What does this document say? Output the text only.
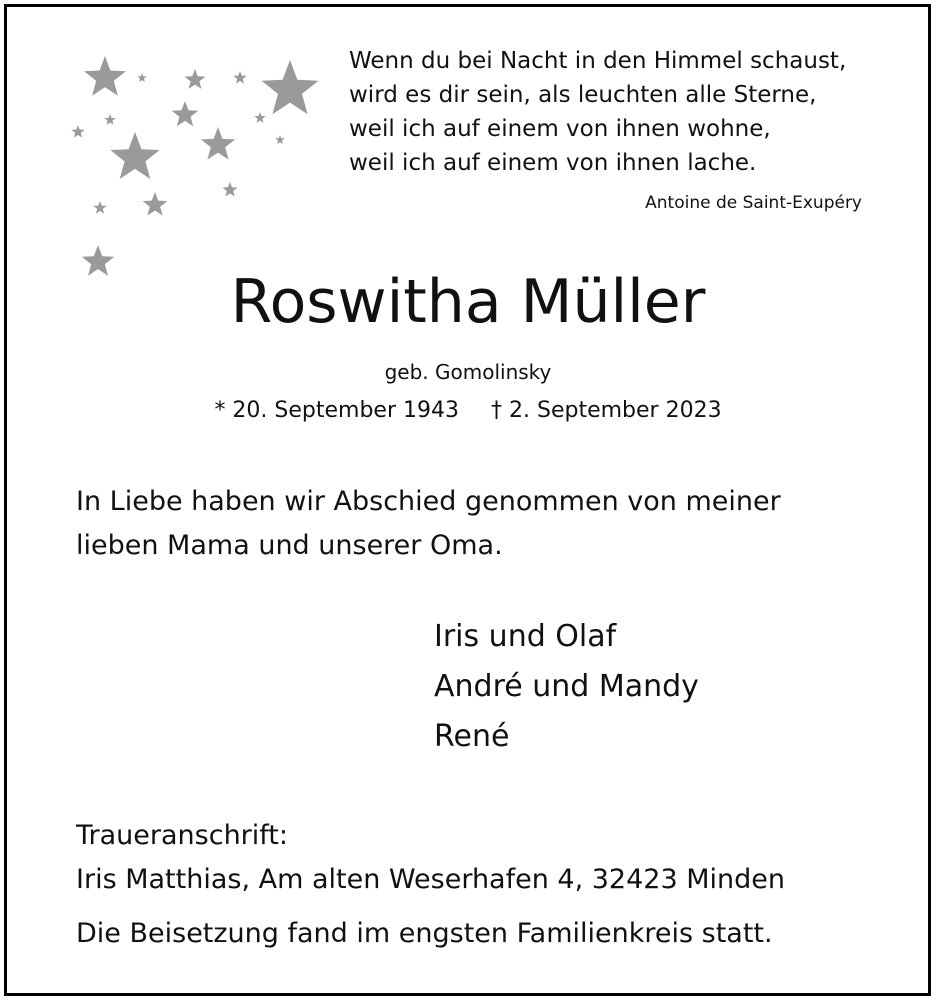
Wenn du bei Nacht in den Himmel schaust,
wird es dir sein, als leuchten alle Sterne,
weil ich auf einem von ihnen wohne,
weil ich auf einem von ihnen lache.
Antoine de Saint-Exupéry
Roswitha Müller
geb. Gomolinsky
* 20. September 1943 † 2. September 2023
In Liebe haben wir Abschied genommen von meiner
lieben Mama und unserer Oma.
Iris und Olaf
André und Mandy
René
Traueranschrift:
Iris Matthias, Am alten Weserhafen 4, 32423 Minden
Die Beisetzung fand im engsten Familienkreis statt.
